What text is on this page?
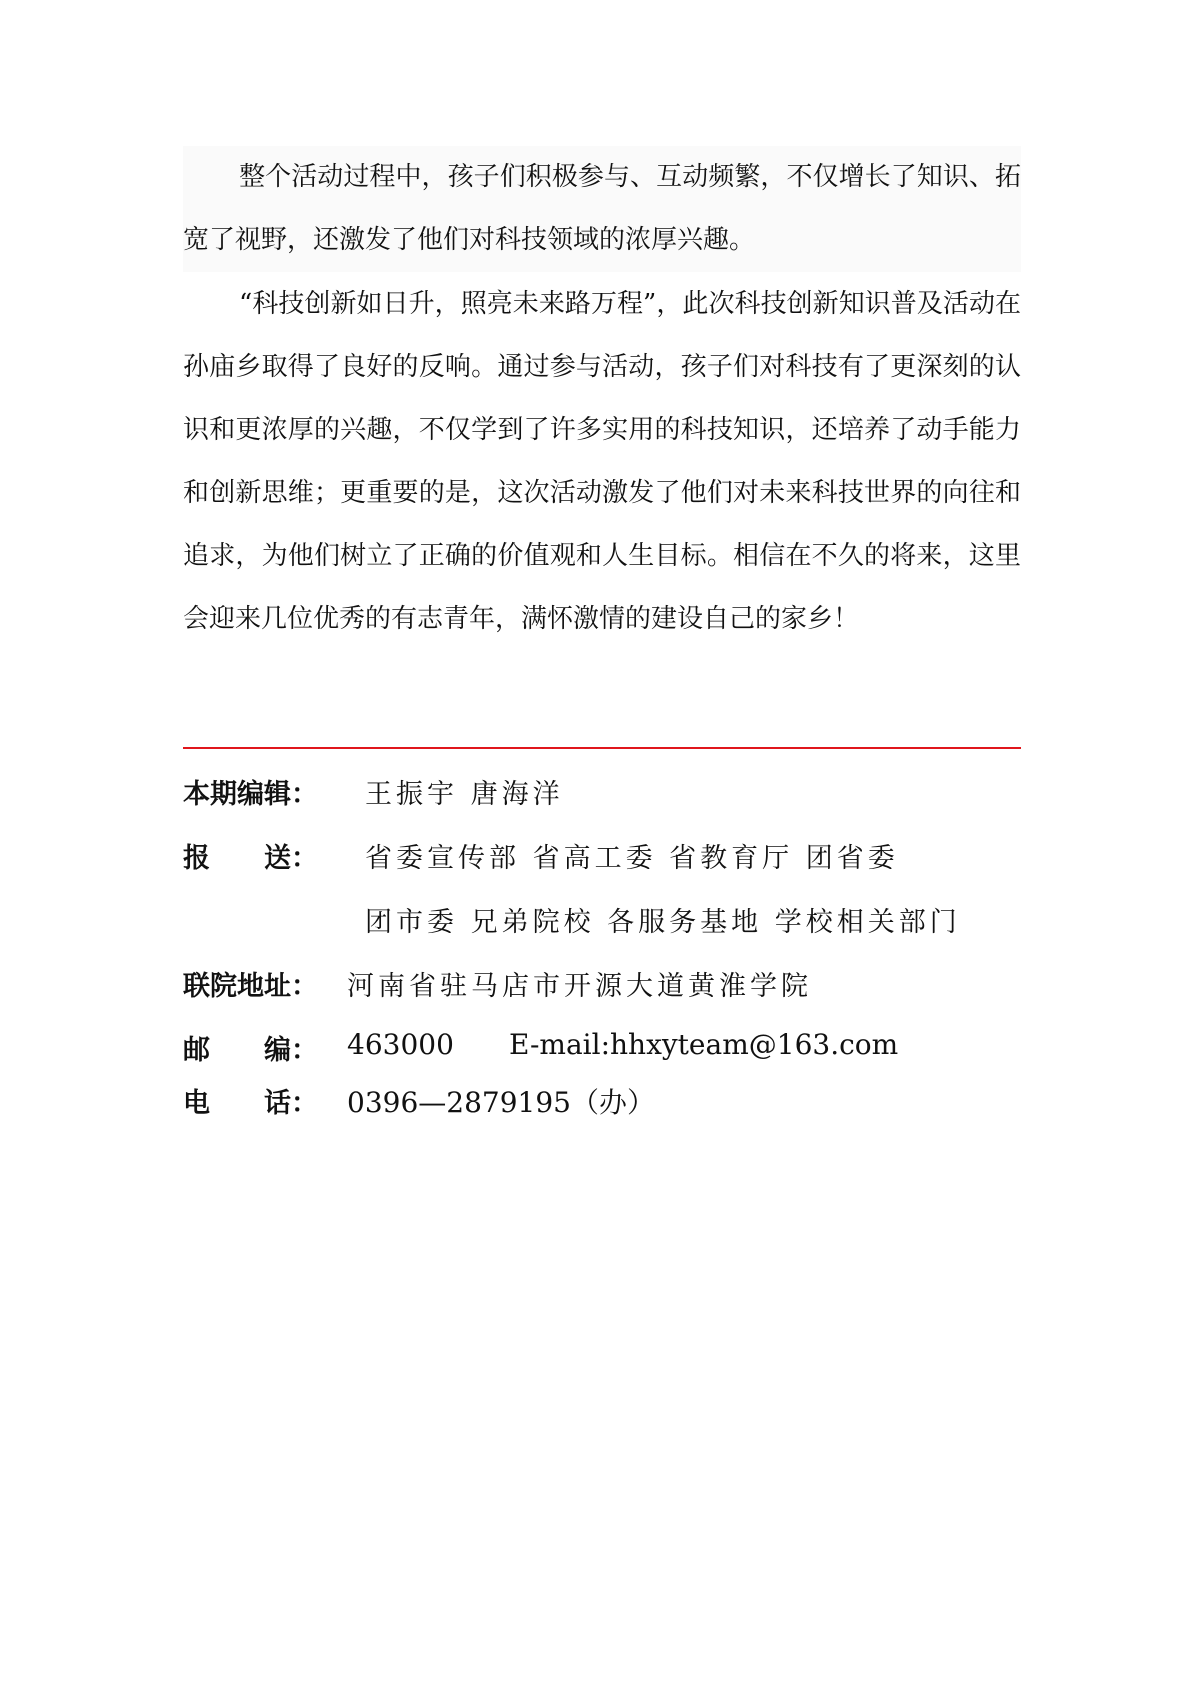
整个活动过程中，孩子们积极参与、互动频繁，不仅增长了知识、拓宽了视野，还激发了他们对科技领域的浓厚兴趣。

“科技创新如日升，照亮未来路万程”，此次科技创新知识普及活动在孙庙乡取得了良好的反响。通过参与活动，孩子们对科技有了更深刻的认识和更浓厚的兴趣，不仅学到了许多实用的科技知识，还培养了动手能力和创新思维；更重要的是，这次活动激发了他们对未来科技世界的向往和追求，为他们树立了正确的价值观和人生目标。相信在不久的将来，这里会迎来几位优秀的有志青年，满怀激情的建设自己的家乡！

本期编辑： 王振宇 唐海洋
报　　送： 省委宣传部 省高工委 省教育厅 团省委
团市委 兄弟院校 各服务基地 学校相关部门
联院地址： 河南省驻马店市开源大道黄淮学院
邮　　编： 463000 E-mail:hhxyteam@163.com
电　　话： 0396—2879195（办）
